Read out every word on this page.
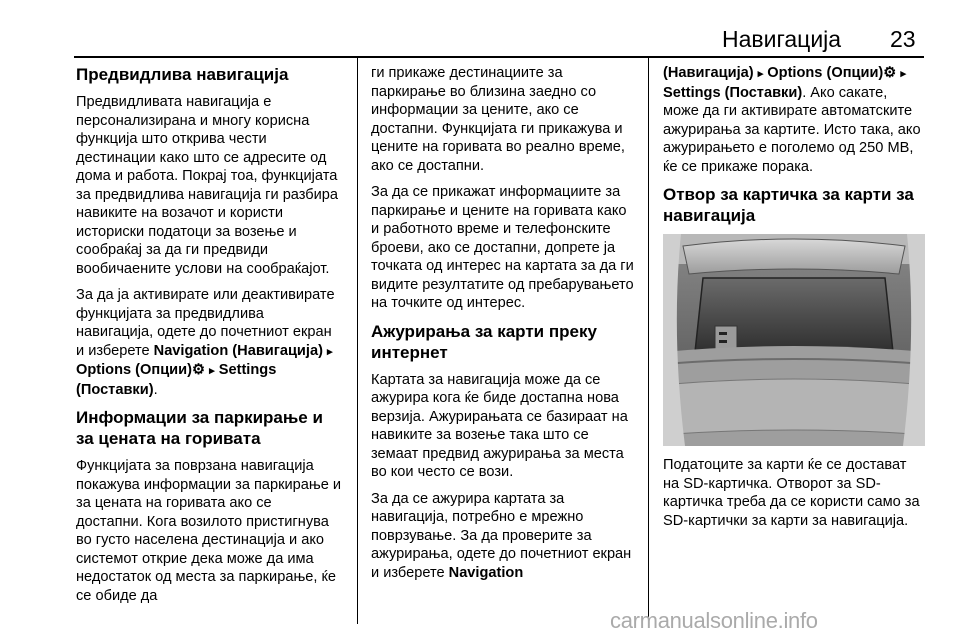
Навигација 23
Предвидлива навигација

Предвидливата навигација е персонализирана и многу корисна функција што открива чести дестинации како што се адресите од дома и работа. Покрај тоа, функцијата за предвидлива навигација ги разбира навиките на возачот и користи историски податоци за возење и сообраќај за да ги предвиди вообичаените услови на сообраќајот.

За да ја активирате или деактивирате функцијата за предвидлива навигација, одете до почетниот екран и изберете Navigation (Навигација) ▸ Options (Опции)⚙ ▸ Settings (Поставки).

Информации за паркирање и за цената на горивата

Функцијата за поврзана навигација покажува информации за паркирање и за цената на горивата ако се достапни. Кога возилото пристигнува во густо населена дестинација и ако системот открие дека може да има недостаток од места за паркирање, ќе се обиде да

ги прикаже дестинациите за паркирање во близина заедно со информации за цените, ако се достапни. Функцијата ги прикажува и цените на горивата во реално време, ако се достапни.

За да се прикажат информациите за паркирање и цените на горивата како и работното време и телефонските броеви, ако се достапни, допрете ја точката од интерес на картата за да ги видите резултатите од пребарувањето на точките од интерес.

Ажурирања за карти преку интернет

Картата за навигација може да се ажурира кога ќе биде достапна нова верзија. Ажурирањата се базираат на навиките за возење така што се земаат предвид ажурирања за места во кои често се вози.

За да се ажурира картата за навигација, потребно е мрежно поврзување. За да проверите за ажурирања, одете до почетниот екран и изберете Navigation

(Навигација) ▸ Options (Опции)⚙ ▸ Settings (Поставки). Ако сакате, може да ги активирате автоматските ажурирања за картите. Исто така, ако ажурирањето е поголемо од 250 MB, ќе се прикаже порака.

Отвор за картичка за карти за навигација

Податоците за карти ќе се достават на SD-картичка. Отворот за SD-картичка треба да се користи само за SD-картички за карти за навигација.

carmanualsonline.info
